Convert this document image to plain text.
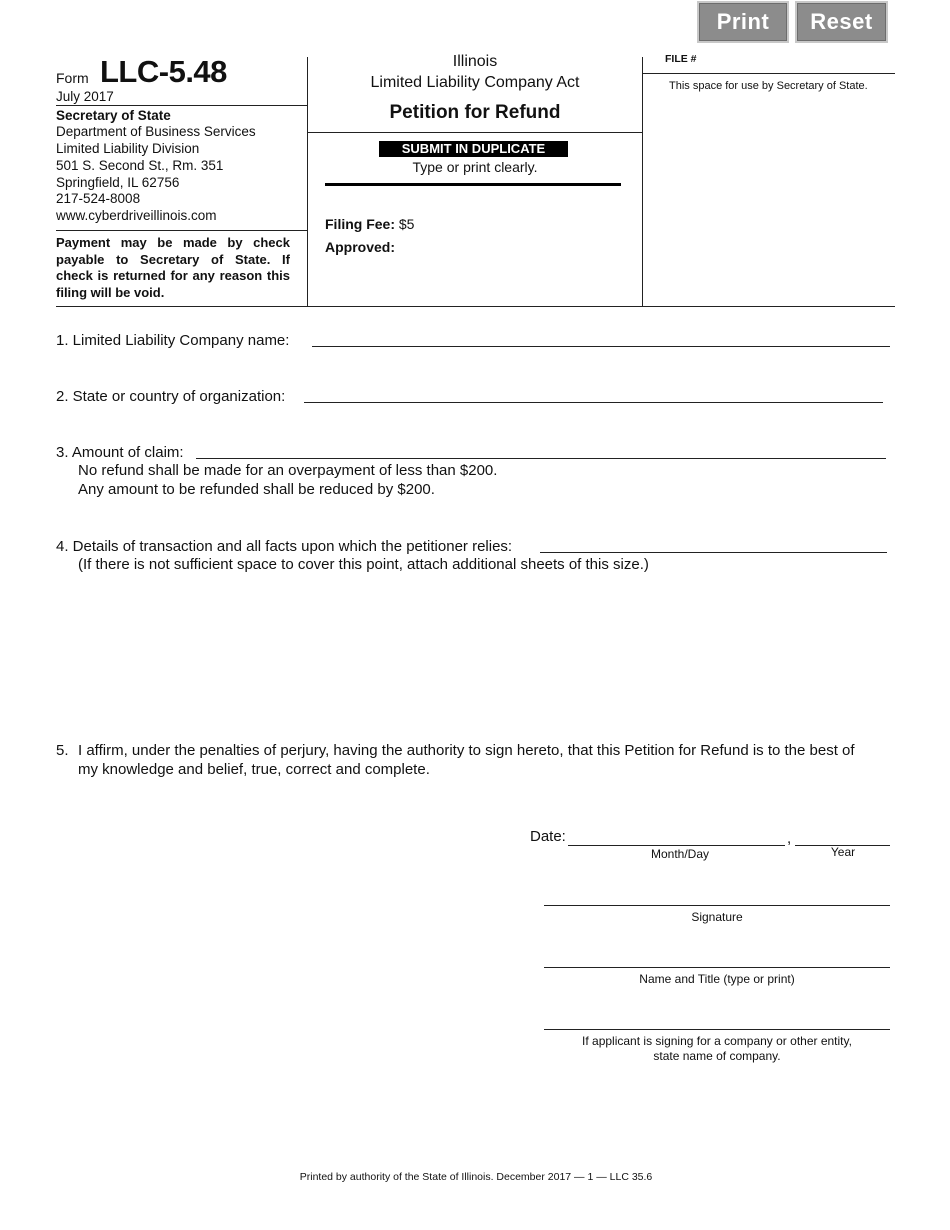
Print	Reset
Form LLC-5.48
July 2017
Secretary of State
Department of Business Services
Limited Liability Division
501 S. Second St., Rm. 351
Springfield, IL 62756
217-524-8008
www.cyberdriveillinois.com
Payment may be made by check payable to Secretary of State. If check is returned for any reason this filing will be void.
Illinois
Limited Liability Company Act
Petition for Refund
SUBMIT IN DUPLICATE
Type or print clearly.
Filing Fee: $5
Approved:
FILE #
This space for use by Secretary of State.
1. Limited Liability Company name:
2. State or country of organization:
3. Amount of claim:
No refund shall be made for an overpayment of less than $200.
Any amount to be refunded shall be reduced by $200.
4. Details of transaction and all facts upon which the petitioner relies:
(If there is not sufficient space to cover this point, attach additional sheets of this size.)
5. I affirm, under the penalties of perjury, having the authority to sign hereto, that this Petition for Refund is to the best of
my knowledge and belief, true, correct and complete.
Date:	,
Month/Day	Year
Signature
Name and Title (type or print)
If applicant is signing for a company or other entity,
state name of company.
Printed by authority of the State of Illinois. December 2017 — 1 — LLC 35.6
